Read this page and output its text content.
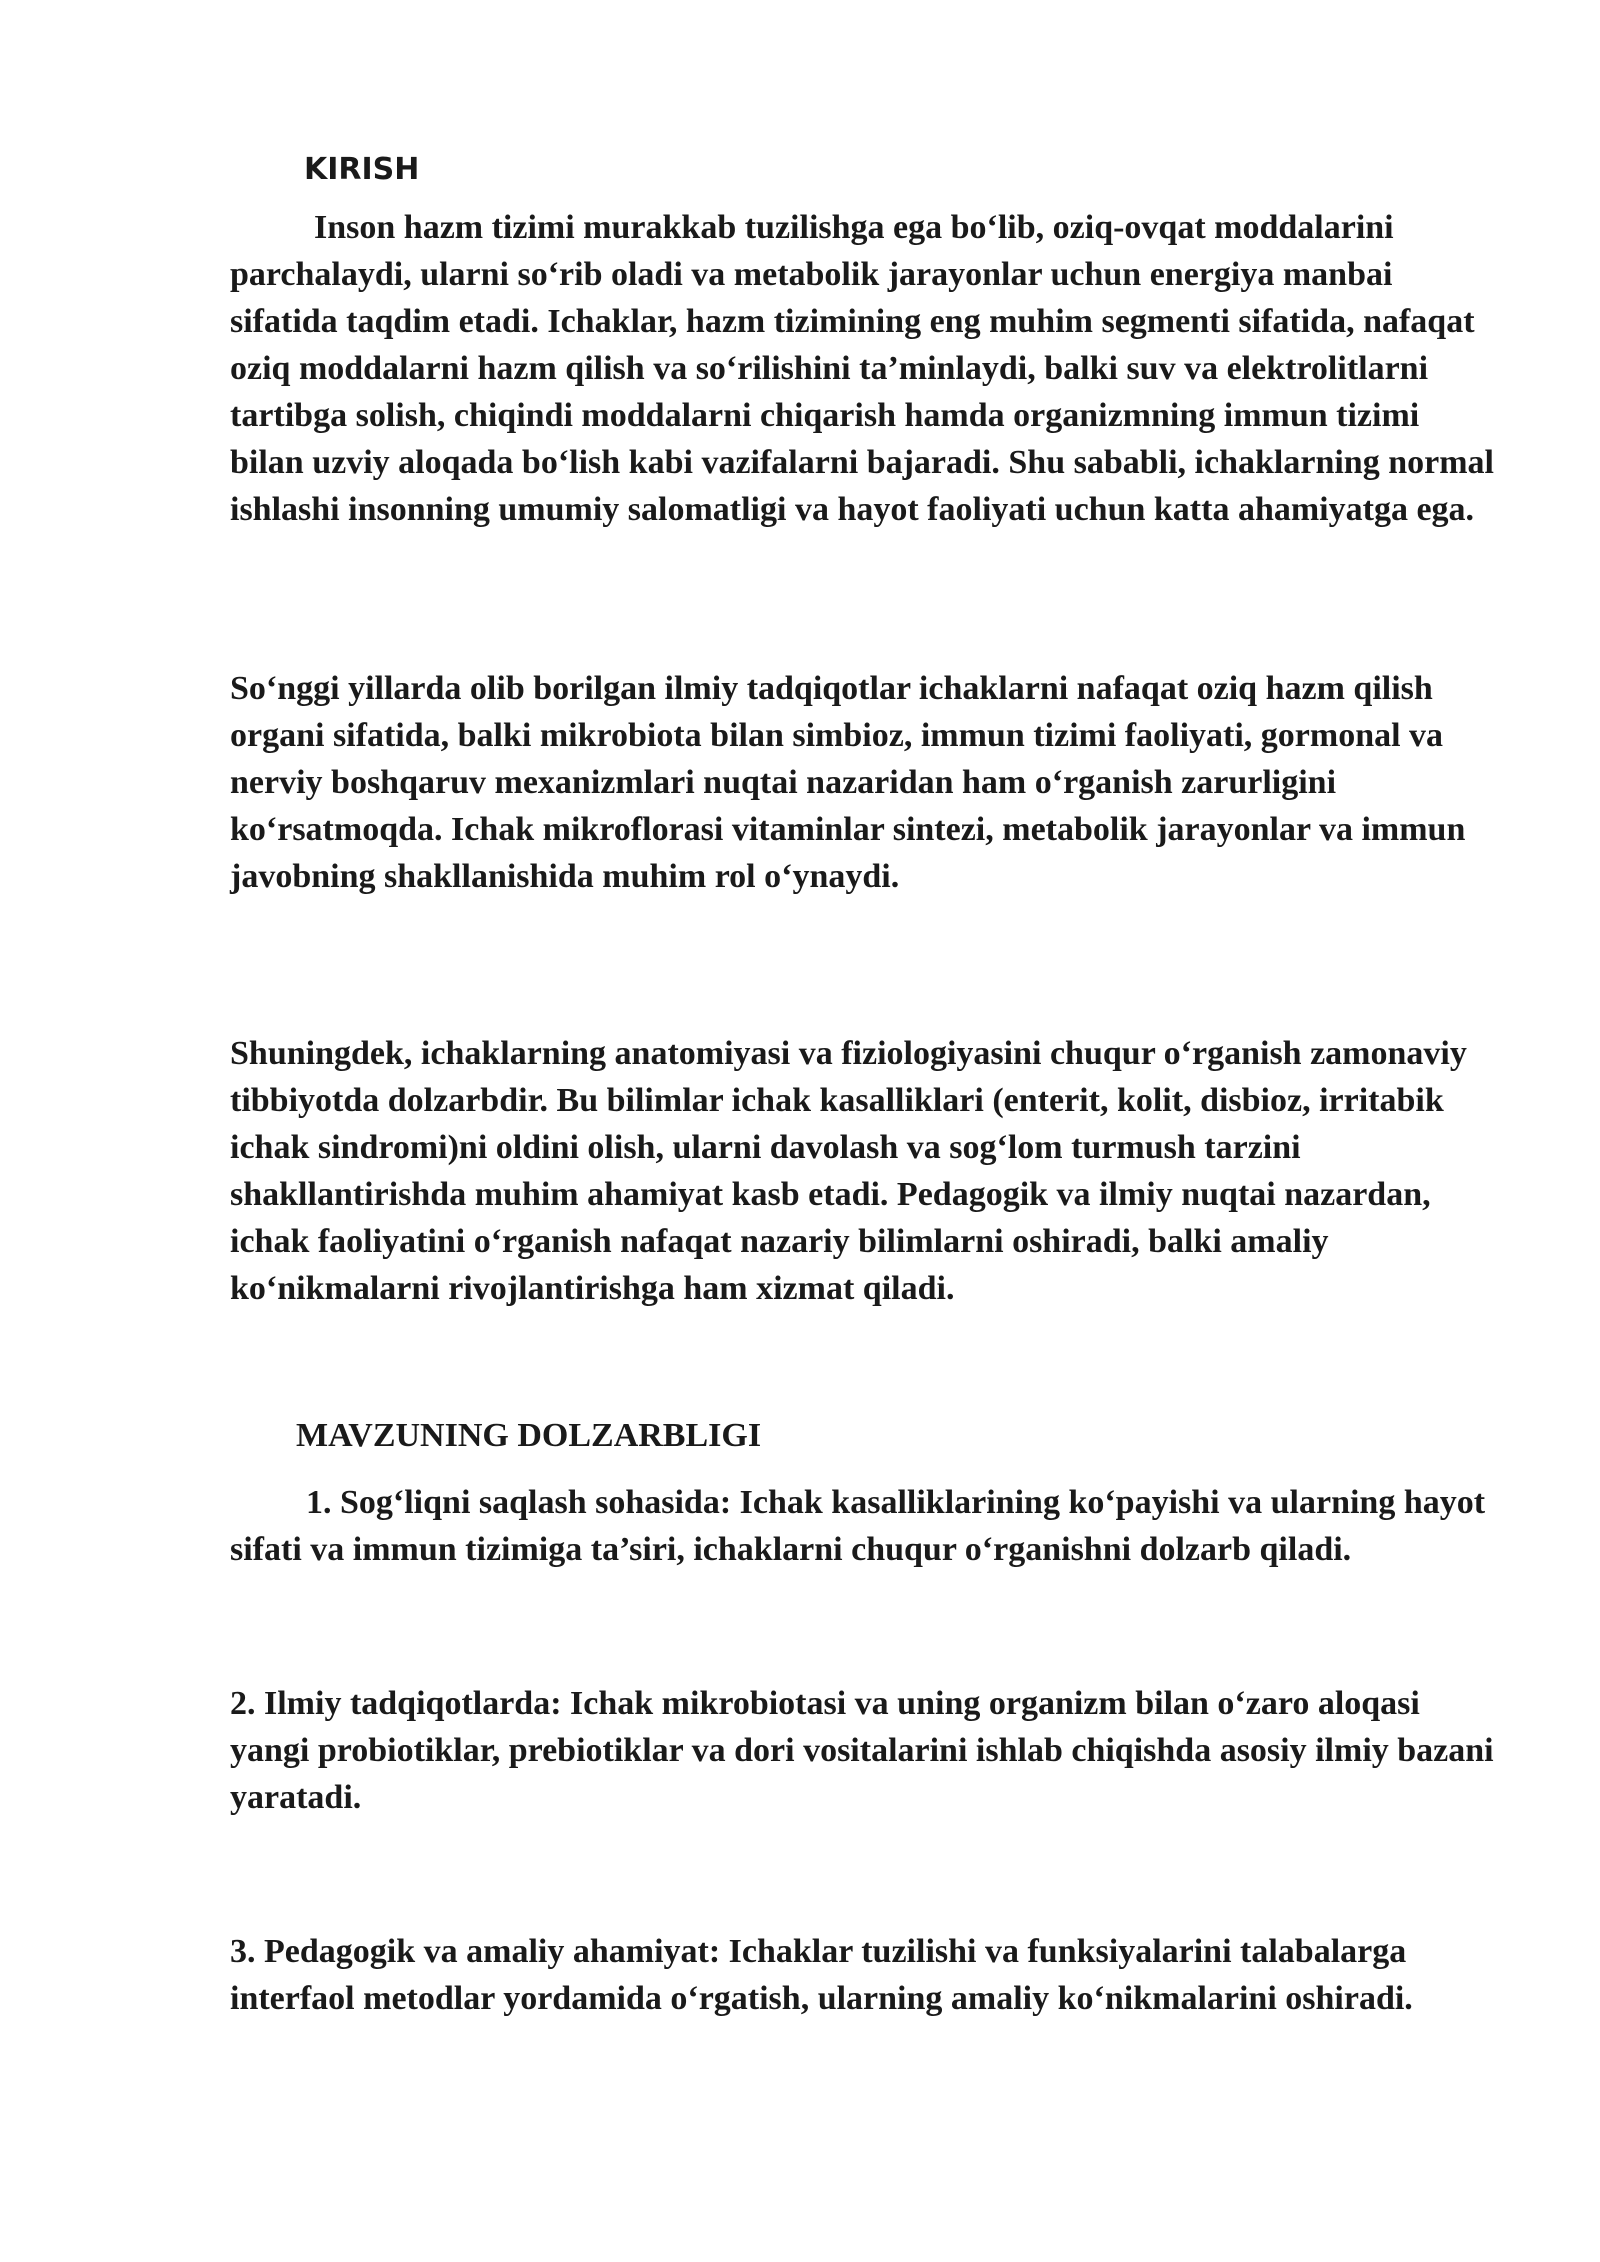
KIRISH

Inson hazm tizimi murakkab tuzilishga ega bo‘lib, oziq-ovqat moddalarini parchalaydi, ularni so‘rib oladi va metabolik jarayonlar uchun energiya manbai sifatida taqdim etadi. Ichaklar, hazm tizimining eng muhim segmenti sifatida, nafaqat oziq moddalarni hazm qilish va so‘rilishini ta’minlaydi, balki suv va elektrolitlarni tartibga solish, chiqindi moddalarni chiqarish hamda organizmning immun tizimi bilan uzviy aloqada bo‘lish kabi vazifalarni bajaradi. Shu sababli, ichaklarning normal ishlashi insonning umumiy salomatligi va hayot faoliyati uchun katta ahamiyatga ega.

So‘nggi yillarda olib borilgan ilmiy tadqiqotlar ichaklarni nafaqat oziq hazm qilish organi sifatida, balki mikrobiota bilan simbioz, immun tizimi faoliyati, gormonal va nerviy boshqaruv mexanizmlari nuqtai nazaridan ham o‘rganish zarurligini ko‘rsatmoqda. Ichak mikroflorasi vitaminlar sintezi, metabolik jarayonlar va immun javobning shakllanishida muhim rol o‘ynaydi.

Shuningdek, ichaklarning anatomiyasi va fiziologiyasini chuqur o‘rganish zamonaviy tibbiyotda dolzarbdir. Bu bilimlar ichak kasalliklari (enterit, kolit, disbioz, irritabik ichak sindromi)ni oldini olish, ularni davolash va sog‘lom turmush tarzini shakllantirishda muhim ahamiyat kasb etadi. Pedagogik va ilmiy nuqtai nazardan, ichak faoliyatini o‘rganish nafaqat nazariy bilimlarni oshiradi, balki amaliy ko‘nikmalarni rivojlantirishga ham xizmat qiladi.

MAVZUNING DOLZARBLIGI

1. Sog‘liqni saqlash sohasida: Ichak kasalliklarining ko‘payishi va ularning hayot sifati va immun tizimiga ta’siri, ichaklarni chuqur o‘rganishni dolzarb qiladi.

2. Ilmiy tadqiqotlarda: Ichak mikrobiotasi va uning organizm bilan o‘zaro aloqasi yangi probiotiklar, prebiotiklar va dori vositalarini ishlab chiqishda asosiy ilmiy bazani yaratadi.

3. Pedagogik va amaliy ahamiyat: Ichaklar tuzilishi va funksiyalarini talabalarga interfaol metodlar yordamida o‘rgatish, ularning amaliy ko‘nikmalarini oshiradi.
